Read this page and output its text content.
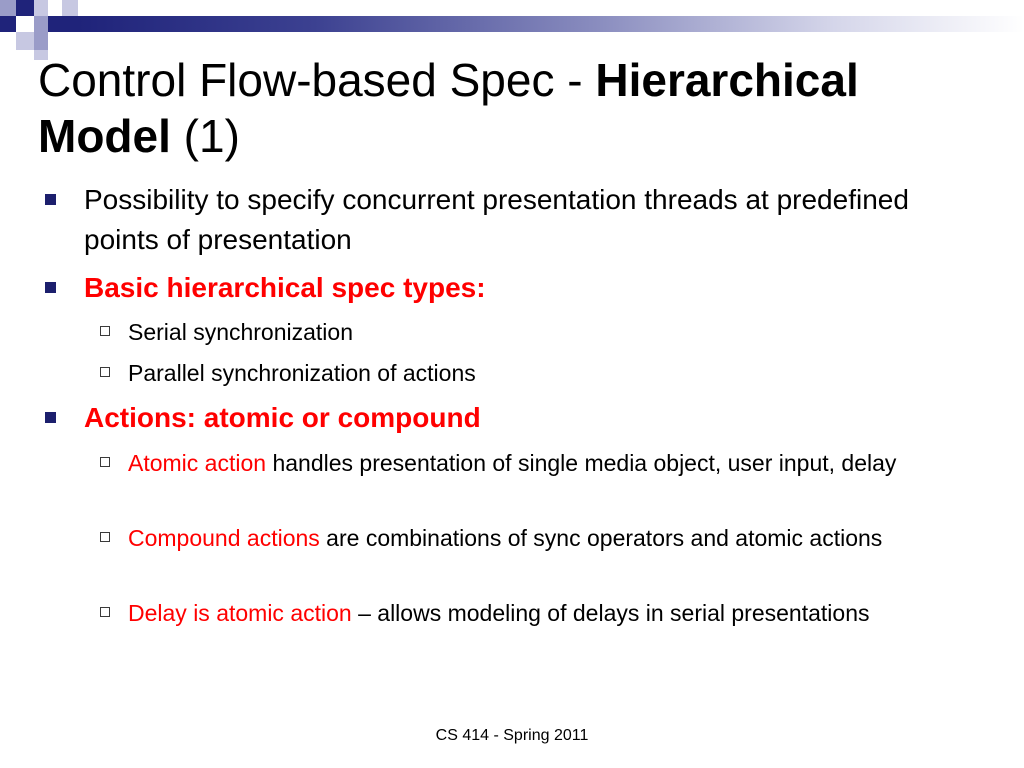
Control Flow-based Spec - Hierarchical Model (1)
Possibility to specify concurrent presentation threads at predefined points of presentation
Basic hierarchical spec types:
Serial synchronization
Parallel synchronization of actions
Actions: atomic or compound
Atomic action handles presentation of single media object, user input, delay
Compound actions are combinations of sync operators and atomic actions
Delay is atomic action – allows modeling of delays in serial presentations
CS 414 - Spring 2011
